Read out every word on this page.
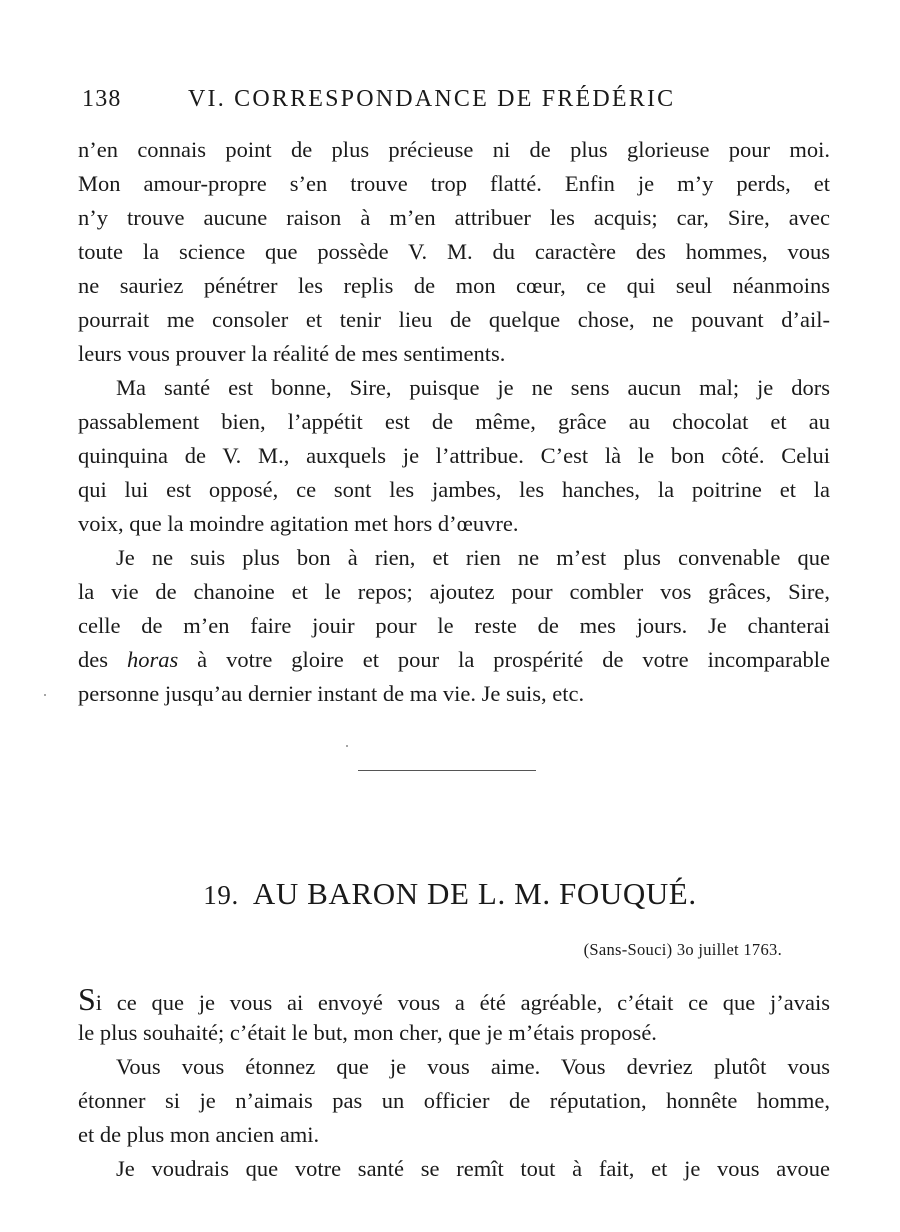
138	VI. CORRESPONDANCE DE FRÉDÉRIC
n’en connais point de plus précieuse ni de plus glorieuse pour moi.
Mon amour-propre s’en trouve trop flatté. Enfin je m’y perds, et
n’y trouve aucune raison à m’en attribuer les acquis; car, Sire, avec
toute la science que possède V. M. du caractère des hommes, vous
ne sauriez pénétrer les replis de mon cœur, ce qui seul néanmoins
pourrait me consoler et tenir lieu de quelque chose, ne pouvant d’ail-
leurs vous prouver la réalité de mes sentiments.
Ma santé est bonne, Sire, puisque je ne sens aucun mal; je dors
passablement bien, l’appétit est de même, grâce au chocolat et au
quinquina de V. M., auxquels je l’attribue. C’est là le bon côté. Celui
qui lui est opposé, ce sont les jambes, les hanches, la poitrine et la
voix, que la moindre agitation met hors d’œuvre.
Je ne suis plus bon à rien, et rien ne m’est plus convenable que
la vie de chanoine et le repos; ajoutez pour combler vos grâces, Sire,
celle de m’en faire jouir pour le reste de mes jours. Je chanterai
des horas à votre gloire et pour la prospérité de votre incomparable
personne jusqu’au dernier instant de ma vie. Je suis, etc.
19. AU BARON DE L. M. FOUQUÉ.
(Sans-Souci) 3o juillet 1763.
Si ce que je vous ai envoyé vous a été agréable, c’était ce que j’avais
le plus souhaité; c’était le but, mon cher, que je m’étais proposé.
Vous vous étonnez que je vous aime. Vous devriez plutôt vous
étonner si je n’aimais pas un officier de réputation, honnête homme,
et de plus mon ancien ami.
Je voudrais que votre santé se remît tout à fait, et je vous avoue
